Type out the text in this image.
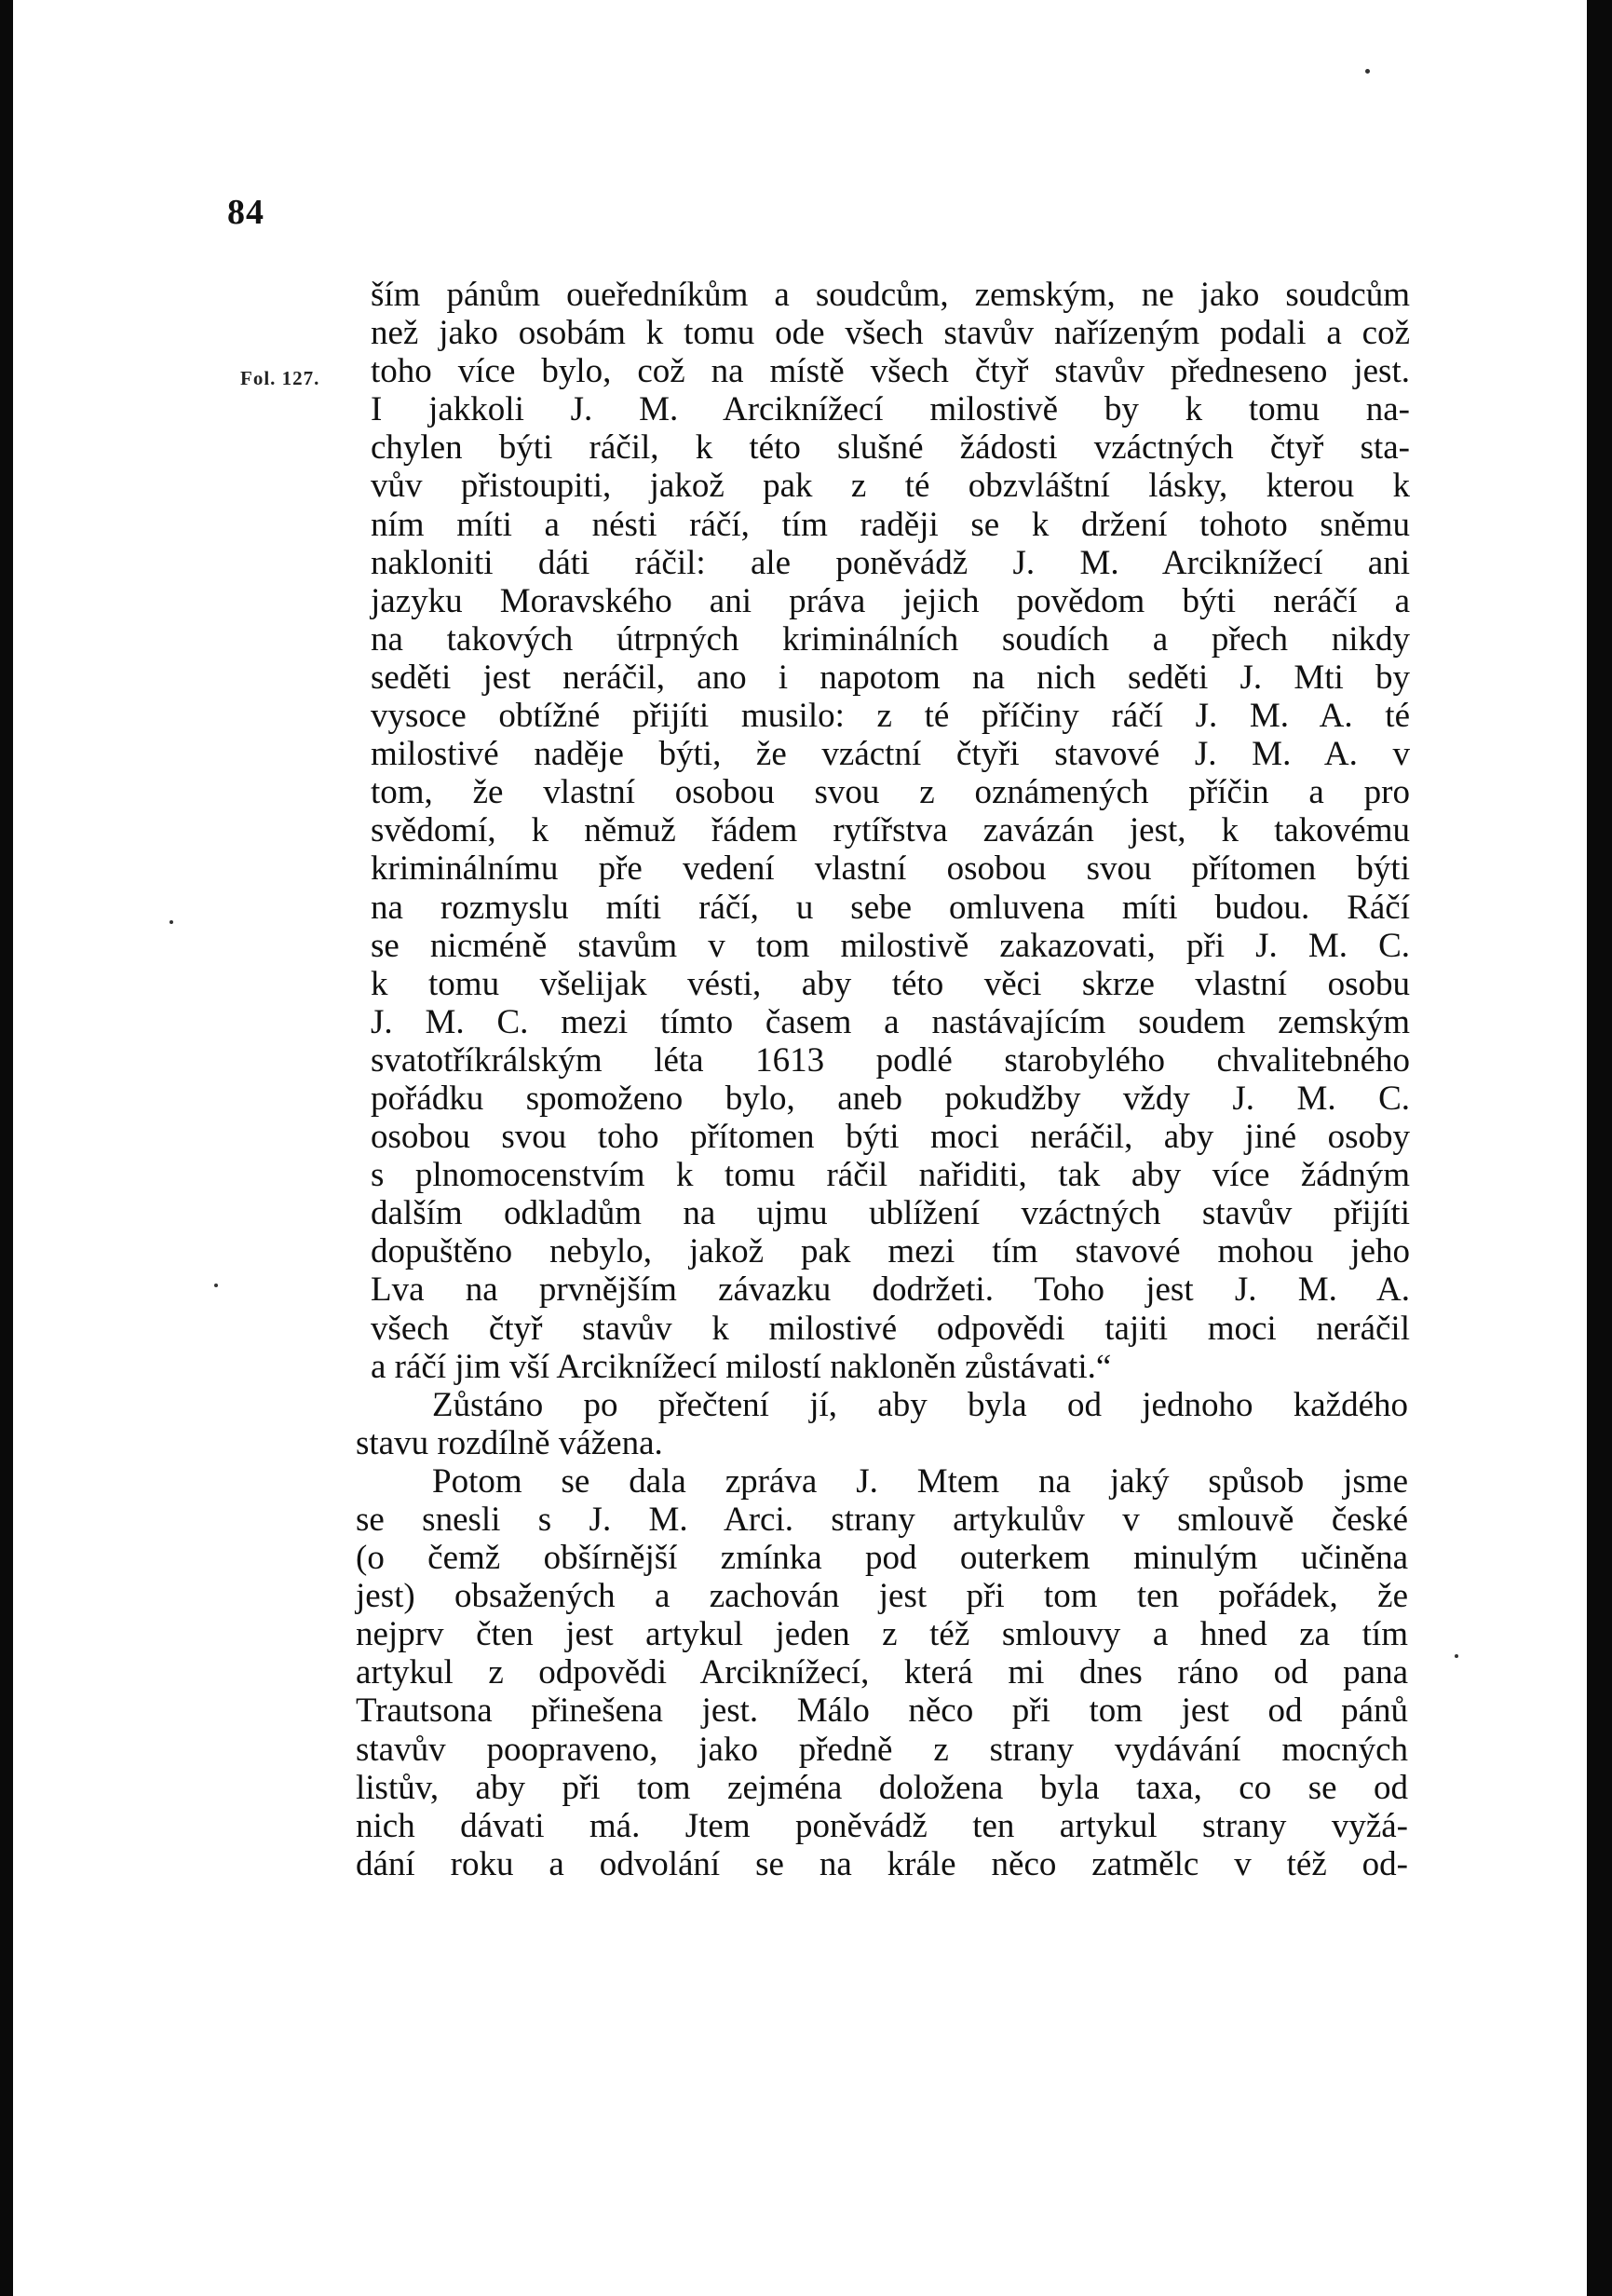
84
Fol. 127.
ším pánům oueředníkům a soudcům, zemským, ne jako soudcům
než jako osobám k tomu ode všech stavův nařízeným podali a což
toho více bylo, což na místě všech čtyř stavův předneseno jest.
I jakkoli J. M. Arciknížecí milostivě by k tomu na-
chylen býti ráčil, k této slušné žádosti vzáctných čtyř sta-
vův přistoupiti, jakož pak z té obzvláštní lásky, kterou k
ním míti a nésti ráčí, tím raději se k držení tohoto sněmu
nakloniti dáti ráčil: ale poněvádž J. M. Arciknížecí ani
jazyku Moravského ani práva jejich povědom býti neráčí a
na takových útrpných kriminálních soudích a přech nikdy
seděti jest neráčil, ano i napotom na nich seděti J. Mti by
vysoce obtížné přijíti musilo: z té příčiny ráčí J. M. A. té
milostivé naděje býti, že vzáctní čtyři stavové J. M. A. v
tom, že vlastní osobou svou z oznámených příčin a pro
svědomí, k němuž řádem rytířstva zavázán jest, k takovému
kriminálnímu pře vedení vlastní osobou svou přítomen býti
na rozmyslu míti ráčí, u sebe omluvena míti budou. Ráčí
se nicméně stavům v tom milostivě zakazovati, při J. M. C.
k tomu všelijak vésti, aby této věci skrze vlastní osobu
J. M. C. mezi tímto časem a nastávajícím soudem zemským
svatotříkrálským léta 1613 podlé starobylého chvalitebného
pořádku spomoženo bylo, aneb pokudžby vždy J. M. C.
osobou svou toho přítomen býti moci neráčil, aby jiné osoby
s plnomocenstvím k tomu ráčil nařiditi, tak aby více žádným
dalším odkladům na ujmu ublížení vzáctných stavův přijíti
dopuštěno nebylo, jakož pak mezi tím stavové mohou jeho
Lva na prvnějším závazku dodržeti. Toho jest J. M. A.
všech čtyř stavův k milostivé odpovědi tajiti moci neráčil
a ráčí jim vší Arciknížecí milostí nakloněn zůstávati.“
Zůstáno po přečtení jí, aby byla od jednoho každého
stavu rozdílně vážena.
Potom se dala zpráva J. Mtem na jaký spůsob jsme
se snesli s J. M. Arci. strany artykulův v smlouvě české
(o čemž obšírnější zmínka pod outerkem minulým učiněna
jest) obsažených a zachován jest při tom ten pořádek, že
nejprv čten jest artykul jeden z též smlouvy a hned za tím
artykul z odpovědi Arciknížecí, která mi dnes ráno od pana
Trautsona přinešena jest. Málo něco při tom jest od pánů
stavův poopraveno, jako předně z strany vydávání mocných
listův, aby při tom zejména doložena byla taxa, co se od
nich dávati má. Jtem poněvádž ten artykul strany vyžá-
dání roku a odvolání se na krále něco zatmělc v též od-
